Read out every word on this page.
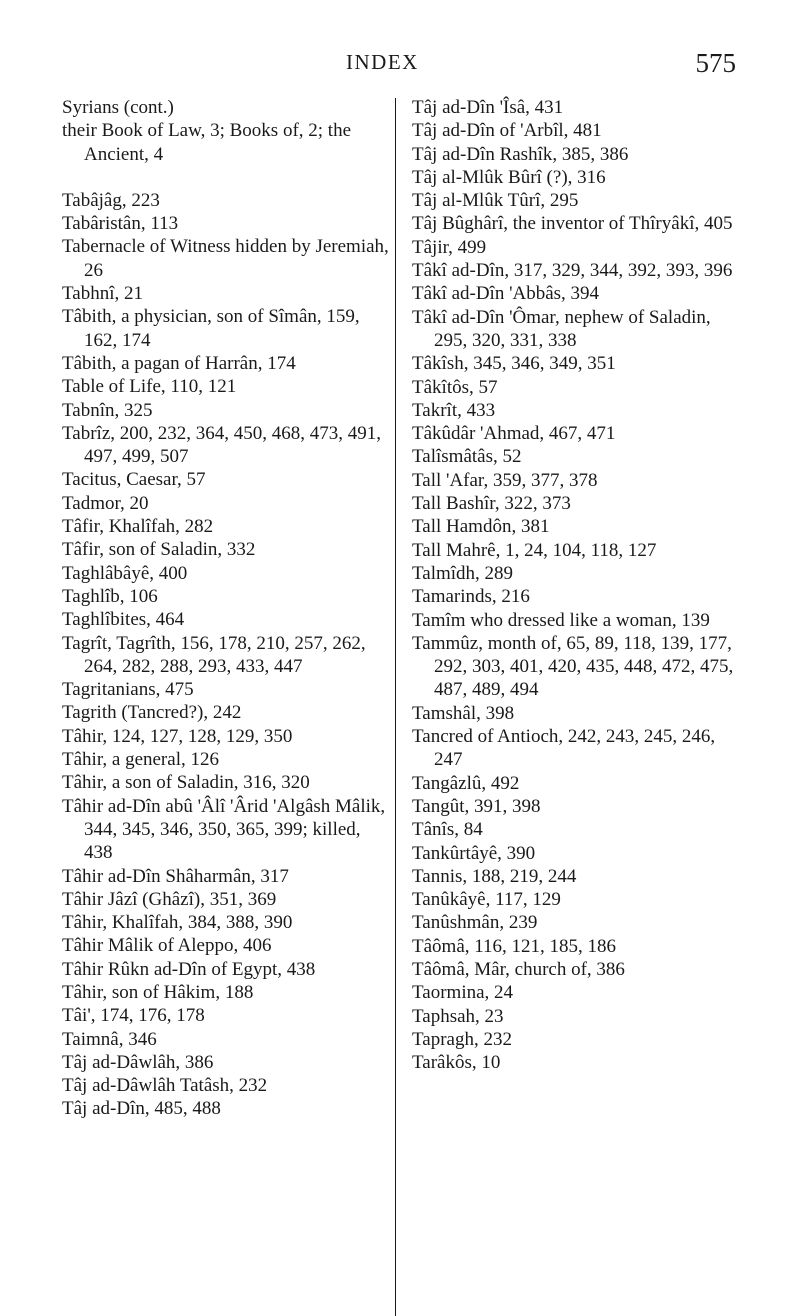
INDEX	575
Syrians (cont.)
their Book of Law, 3; Books of, 2; the Ancient, 4
Tabâjâg, 223
Tabâristân, 113
Tabernacle of Witness hidden by Jeremiah, 26
Tabhnî, 21
Tâbith, a physician, son of Sîmân, 159, 162, 174
Tâbith, a pagan of Harrân, 174
Table of Life, 110, 121
Tabnîn, 325
Tabrîz, 200, 232, 364, 450, 468, 473, 491, 497, 499, 507
Tacitus, Caesar, 57
Tadmor, 20
Tâfir, Khalîfah, 282
Tâfir, son of Saladin, 332
Taghlâbâyê, 400
Taghlîb, 106
Taghlîbites, 464
Tagrît, Tagrîth, 156, 178, 210, 257, 262, 264, 282, 288, 293, 433, 447
Tagritanians, 475
Tagrith (Tancred?), 242
Tâhir, 124, 127, 128, 129, 350
Tâhir, a general, 126
Tâhir, a son of Saladin, 316, 320
Tâhir ad-Dîn abû 'Âlî 'Ârid 'Algâsh Mâlik, 344, 345, 346, 350, 365, 399; killed, 438
Tâhir ad-Dîn Shâharmân, 317
Tâhir Jâzî (Ghâzî), 351, 369
Tâhir, Khalîfah, 384, 388, 390
Tâhir Mâlik of Aleppo, 406
Tâhir Rûkn ad-Dîn of Egypt, 438
Tâhir, son of Hâkim, 188
Tâi', 174, 176, 178
Taimnâ, 346
Tâj ad-Dâwlâh, 386
Tâj ad-Dâwlâh Tatâsh, 232
Tâj ad-Dîn, 485, 488
Tâj ad-Dîn 'Îsâ, 431
Tâj ad-Dîn of 'Arbîl, 481
Tâj ad-Dîn Rashîk, 385, 386
Tâj al-Mlûk Bûrî (?), 316
Tâj al-Mlûk Tûrî, 295
Tâj Bûghârî, the inventor of Thîryâkî, 405
Tâjir, 499
Tâkî ad-Dîn, 317, 329, 344, 392, 393, 396
Tâkî ad-Dîn 'Abbâs, 394
Tâkî ad-Dîn 'Ômar, nephew of Saladin, 295, 320, 331, 338
Tâkîsh, 345, 346, 349, 351
Tâkîtôs, 57
Takrît, 433
Tâkûdâr 'Ahmad, 467, 471
Talîsmâtâs, 52
Tall 'Afar, 359, 377, 378
Tall Bashîr, 322, 373
Tall Hamdôn, 381
Tall Mahrê, 1, 24, 104, 118, 127
Talmîdh, 289
Tamarinds, 216
Tamîm who dressed like a woman, 139
Tammûz, month of, 65, 89, 118, 139, 177, 292, 303, 401, 420, 435, 448, 472, 475, 487, 489, 494
Tamshâl, 398
Tancred of Antioch, 242, 243, 245, 246, 247
Tangâzlû, 492
Tangût, 391, 398
Tânîs, 84
Tankûrtâyê, 390
Tannis, 188, 219, 244
Tanûkâyê, 117, 129
Tanûshmân, 239
Tâômâ, 116, 121, 185, 186
Tâômâ, Mâr, church of, 386
Taormina, 24
Taphsah, 23
Tapragh, 232
Tarâkôs, 10
